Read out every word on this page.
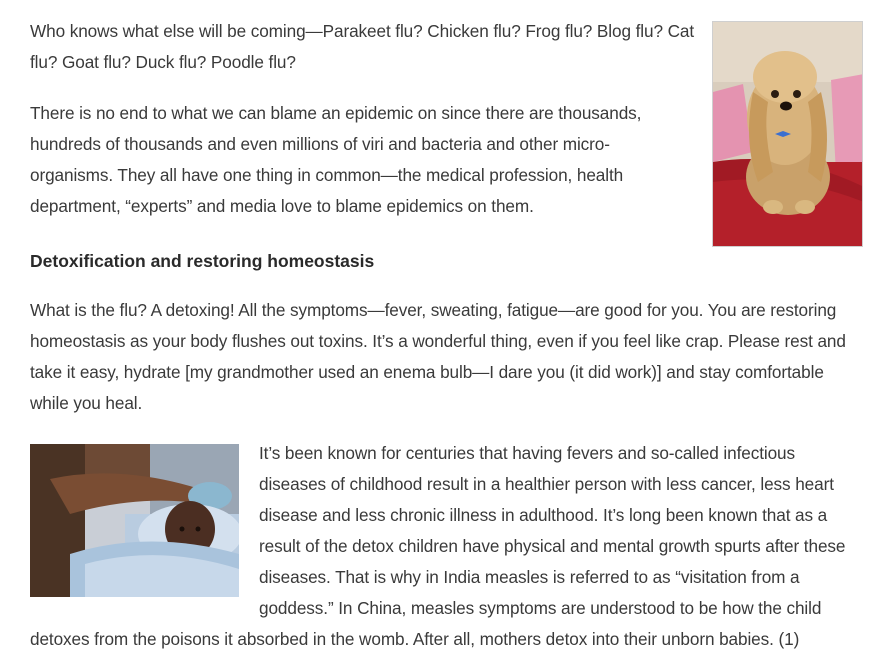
Who knows what else will be coming—Parakeet flu? Chicken flu? Frog flu? Blog flu? Cat flu? Goat flu? Duck flu? Poodle flu?

There is no end to what we can blame an epidemic on since there are thousands, hundreds of thousands and even millions of viri and bacteria and other micro-organisms. They all have one thing in common—the medical profession, health department, “experts” and media love to blame epidemics on them.

Detoxification and restoring homeostasis

What is the flu? A detoxing! All the symptoms—fever, sweating, fatigue—are good for you. You are restoring homeostasis as your body flushes out toxins. It’s a wonderful thing, even if you feel like crap. Please rest and take it easy, hydrate [my grandmother used an enema bulb—I dare you (it did work)] and stay comfortable while you heal.

It’s been known for centuries that having fevers and so-called infectious
diseases of childhood result in a healthier person with less cancer, less heart
disease and less chronic illness in adulthood. It’s long been known that as a
result of the detox children have physical and mental growth spurts after these
diseases. That is why in India measles is referred to as “visitation from a
goddess.” In China, measles symptoms are understood to be how the child
detoxes from the poisons it absorbed in the womb. After all, mothers detox into their unborn babies. (1)
